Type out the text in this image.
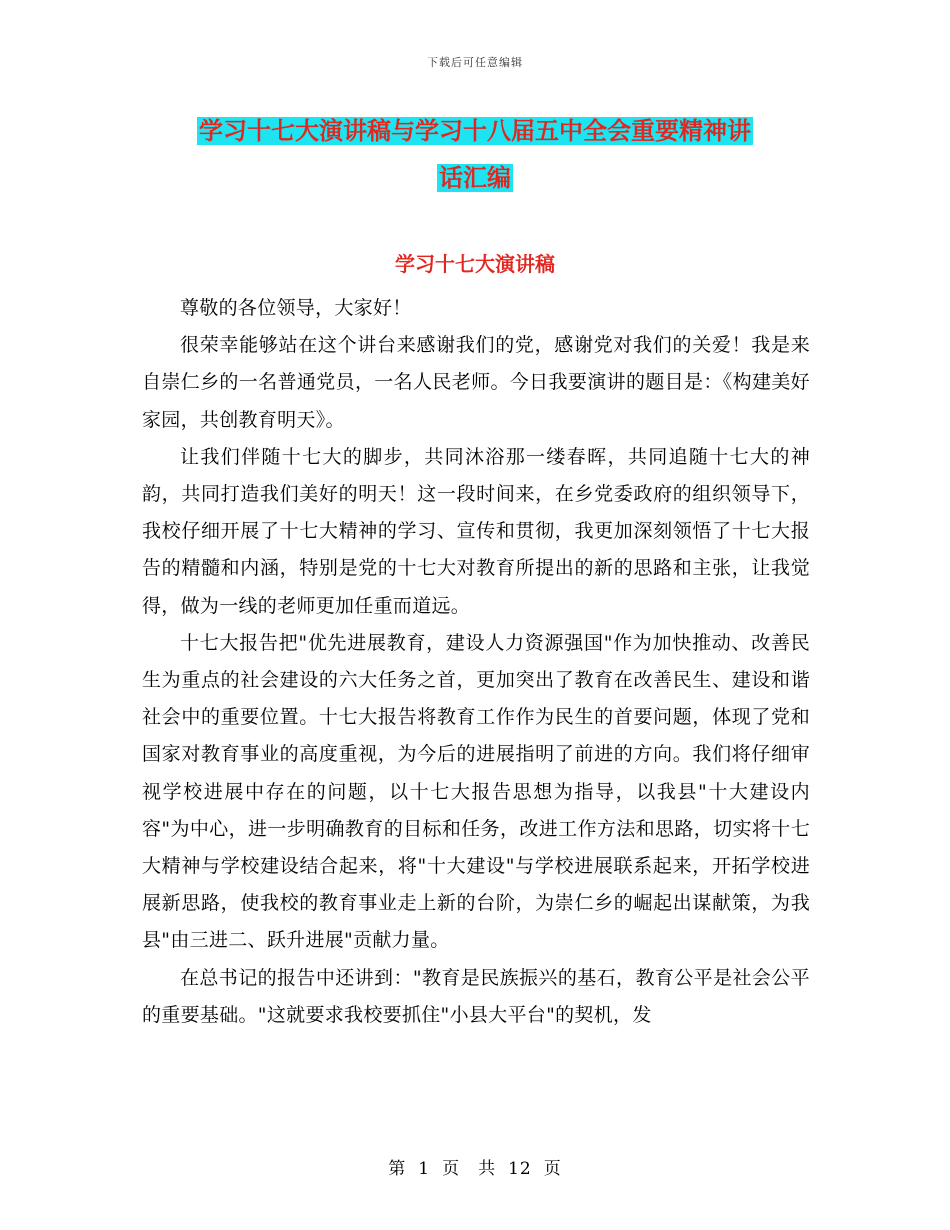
下载后可任意编辑
学习十七大演讲稿与学习十八届五中全会重要精神讲
话汇编
学习十七大演讲稿

尊敬的各位领导，大家好！

很荣幸能够站在这个讲台来感谢我们的党，感谢党对我们的关爱！我是来自崇仁乡的一名普通党员，一名人民老师。今日我要演讲的题目是：《构建美好家园，共创教育明天》。

让我们伴随十七大的脚步，共同沐浴那一缕春晖，共同追随十七大的神韵，共同打造我们美好的明天！这一段时间来，在乡党委政府的组织领导下，我校仔细开展了十七大精神的学习、宣传和贯彻，我更加深刻领悟了十七大报告的精髓和内涵，特别是党的十七大对教育所提出的新的思路和主张，让我觉得，做为一线的老师更加任重而道远。

十七大报告把"优先进展教育，建设人力资源强国"作为加快推动、改善民生为重点的社会建设的六大任务之首，更加突出了教育在改善民生、建设和谐社会中的重要位置。十七大报告将教育工作作为民生的首要问题，体现了党和国家对教育事业的高度重视，为今后的进展指明了前进的方向。我们将仔细审视学校进展中存在的问题，以十七大报告思想为指导，以我县"十大建设内容"为中心，进一步明确教育的目标和任务，改进工作方法和思路，切实将十七大精神与学校建设结合起来，将"十大建设"与学校进展联系起来，开拓学校进展新思路，使我校的教育事业走上新的台阶，为崇仁乡的崛起出谋献策，为我县"由三进二、跃升进展"贡献力量。

在总书记的报告中还讲到："教育是民族振兴的基石，教育公平是社会公平的重要基础。"这就要求我校要抓住"小县大平台"的契机，发

第 1 页　共 12 页
